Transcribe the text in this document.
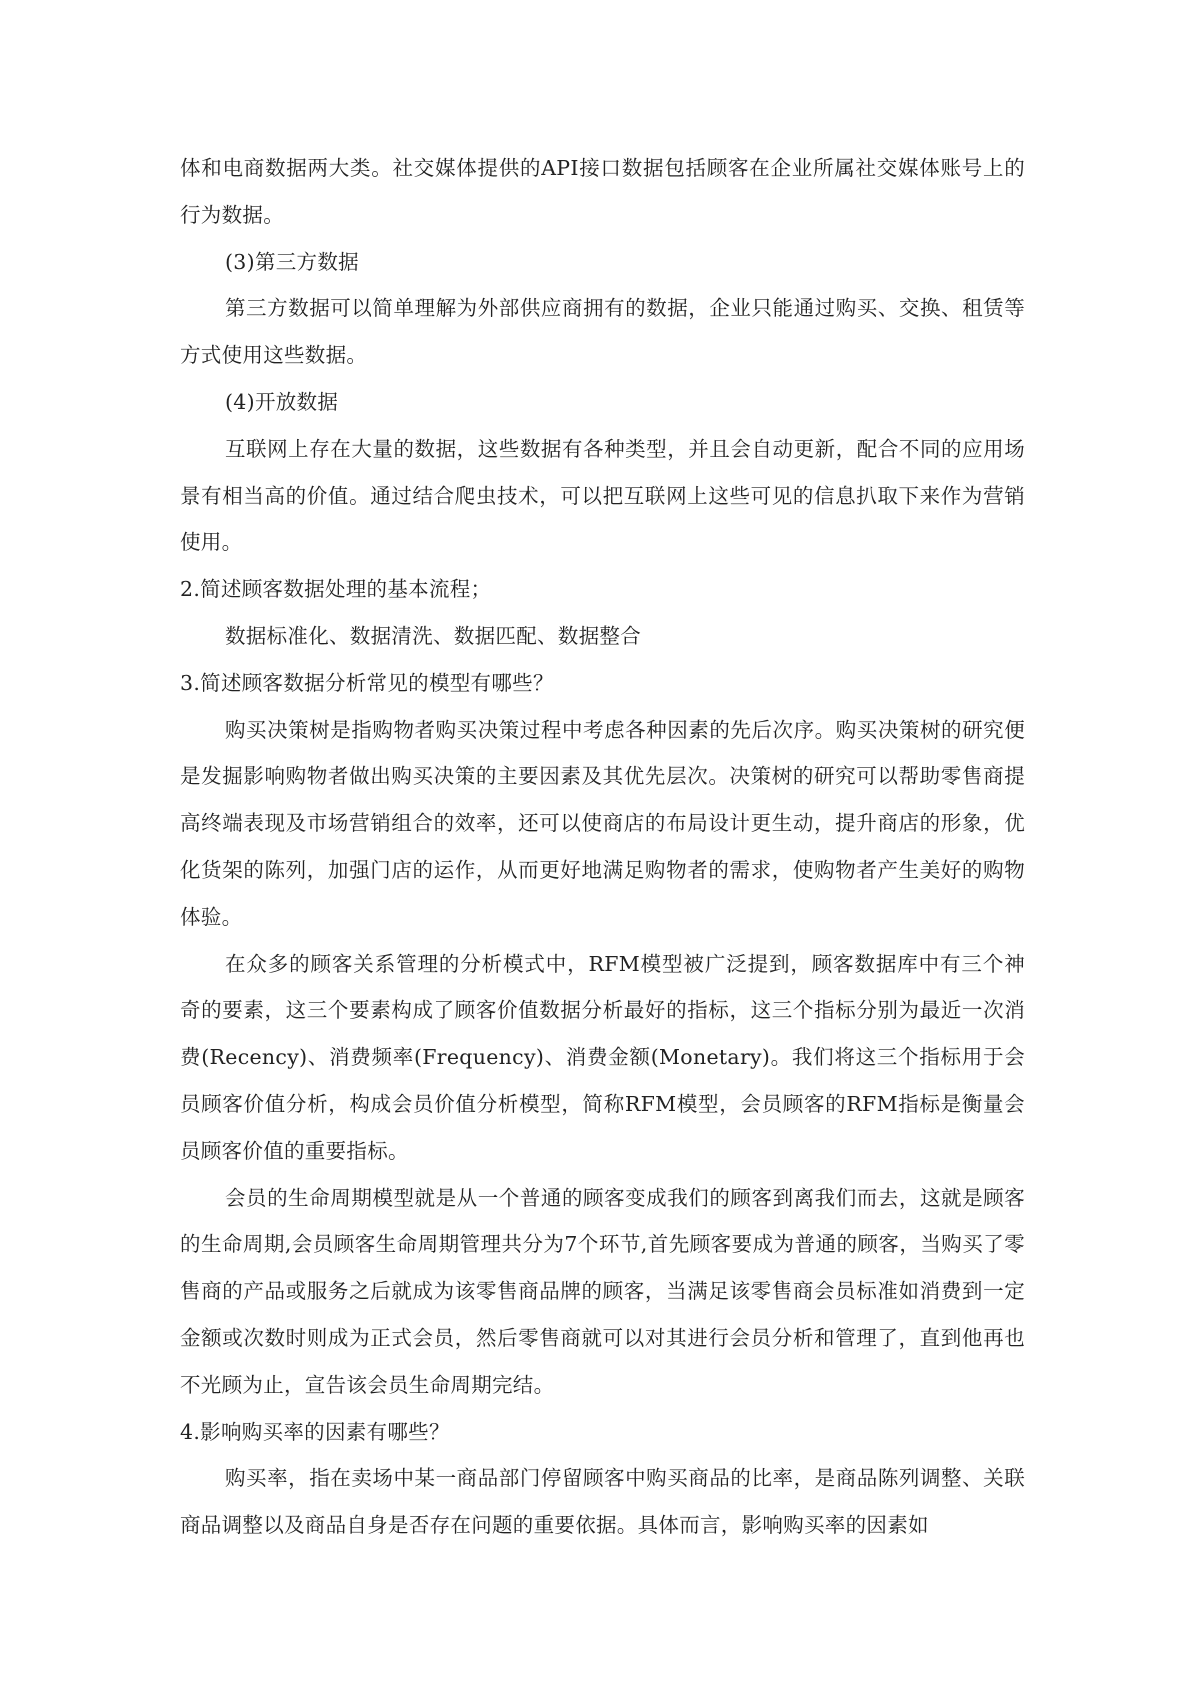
体和电商数据两大类。社交媒体提供的API接口数据包括顾客在企业所属社交媒体账号上的行为数据。

(3)第三方数据

第三方数据可以简单理解为外部供应商拥有的数据，企业只能通过购买、交换、租赁等方式使用这些数据。

(4)开放数据

互联网上存在大量的数据，这些数据有各种类型，并且会自动更新，配合不同的应用场景有相当高的价值。通过结合爬虫技术，可以把互联网上这些可见的信息扒取下来作为营销使用。

2.简述顾客数据处理的基本流程；

数据标准化、数据清洗、数据匹配、数据整合

3.简述顾客数据分析常见的模型有哪些？

购买决策树是指购物者购买决策过程中考虑各种因素的先后次序。购买决策树的研究便是发掘影响购物者做出购买决策的主要因素及其优先层次。决策树的研究可以帮助零售商提高终端表现及市场营销组合的效率，还可以使商店的布局设计更生动，提升商店的形象，优化货架的陈列，加强门店的运作，从而更好地满足购物者的需求，使购物者产生美好的购物体验。

在众多的顾客关系管理的分析模式中，RFM模型被广泛提到，顾客数据库中有三个神奇的要素，这三个要素构成了顾客价值数据分析最好的指标，这三个指标分别为最近一次消费(Recency)、消费频率(Frequency)、消费金额(Monetary)。我们将这三个指标用于会员顾客价值分析，构成会员价值分析模型，简称RFM模型，会员顾客的RFM指标是衡量会员顾客价值的重要指标。

会员的生命周期模型就是从一个普通的顾客变成我们的顾客到离我们而去，这就是顾客的生命周期,会员顾客生命周期管理共分为7个环节,首先顾客要成为普通的顾客，当购买了零售商的产品或服务之后就成为该零售商品牌的顾客，当满足该零售商会员标准如消费到一定金额或次数时则成为正式会员，然后零售商就可以对其进行会员分析和管理了，直到他再也不光顾为止，宣告该会员生命周期完结。

4.影响购买率的因素有哪些？

购买率，指在卖场中某一商品部门停留顾客中购买商品的比率，是商品陈列调整、关联商品调整以及商品自身是否存在问题的重要依据。具体而言，影响购买率的因素如
